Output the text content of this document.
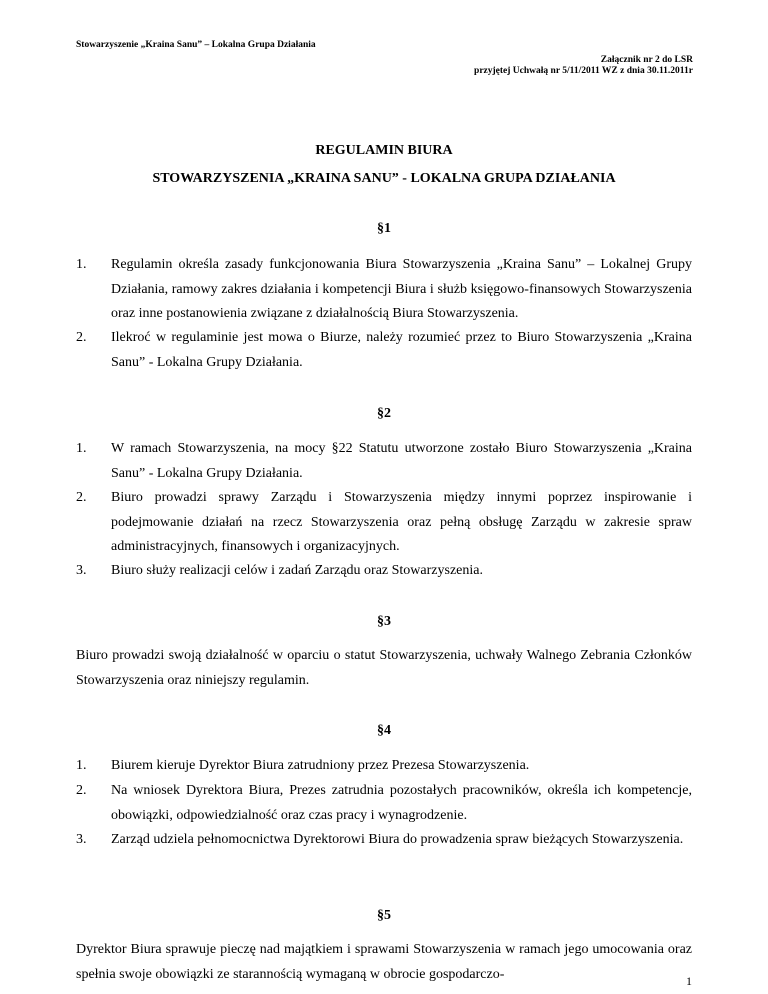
Stowarzyszenie „Kraina Sanu” – Lokalna Grupa Działania
Załącznik nr 2 do LSR
przyjętej Uchwałą nr 5/11/2011 WZ z dnia 30.11.2011r
REGULAMIN BIURA
STOWARZYSZENIA „KRAINA SANU” - LOKALNA GRUPA DZIAŁANIA
§1
1. Regulamin określa zasady funkcjonowania Biura Stowarzyszenia „Kraina Sanu” – Lokalnej Grupy Działania, ramowy zakres działania i kompetencji Biura i służb księgowo-finansowych Stowarzyszenia oraz inne postanowienia związane z działalnością Biura Stowarzyszenia.
2. Ilekroć w regulaminie jest mowa o Biurze, należy rozumieć przez to Biuro Stowarzyszenia „Kraina Sanu” - Lokalna Grupy Działania.
§2
1. W ramach Stowarzyszenia, na mocy §22 Statutu utworzone zostało Biuro Stowarzyszenia „Kraina Sanu” - Lokalna Grupy Działania.
2. Biuro prowadzi sprawy Zarządu i Stowarzyszenia między innymi poprzez inspirowanie i podejmowanie działań na rzecz Stowarzyszenia oraz pełną obsługę Zarządu w zakresie spraw administracyjnych, finansowych i organizacyjnych.
3. Biuro służy realizacji celów i zadań Zarządu oraz Stowarzyszenia.
§3
Biuro prowadzi swoją działalność w oparciu o statut Stowarzyszenia, uchwały Walnego Zebrania Członków Stowarzyszenia oraz niniejszy regulamin.
§4
1. Biurem kieruje Dyrektor Biura zatrudniony przez Prezesa Stowarzyszenia.
2. Na wniosek Dyrektora Biura, Prezes zatrudnia pozostałych pracowników, określa ich kompetencje, obowiązki, odpowiedzialność oraz czas pracy i wynagrodzenie.
3. Zarząd udziela pełnomocnictwa Dyrektorowi Biura do prowadzenia spraw bieżących Stowarzyszenia.
§5
Dyrektor Biura sprawuje pieczę nad majątkiem i sprawami Stowarzyszenia w ramach jego umocowania oraz spełnia swoje obowiązki ze starannością wymaganą w obrocie gospodarczo-	1
